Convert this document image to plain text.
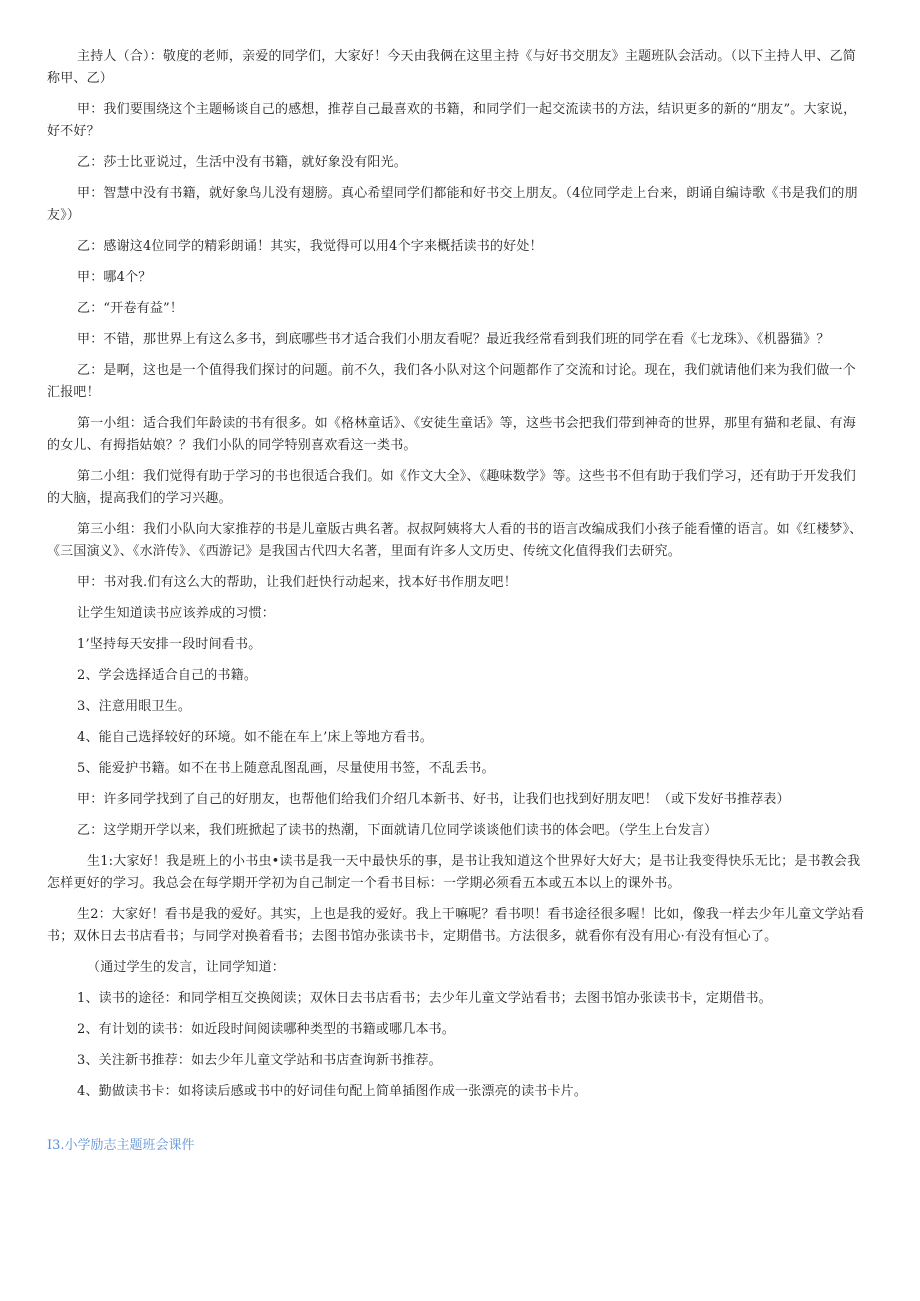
主持人（合）：敬度的老师，亲爱的同学们，大家好！今天由我俩在这里主持《与好书交朋友》主题班队会活动。（以下主持人甲、乙简称甲、乙）

甲：我们要围绕这个主题畅谈自己的感想，推荐自己最喜欢的书籍，和同学们一起交流读书的方法，结识更多的新的“朋友”。大家说，好不好？

乙：莎士比亚说过，生活中没有书籍，就好象没有阳光。

甲：智慧中没有书籍，就好象鸟儿没有翅膀。真心希望同学们都能和好书交上朋友。（4位同学走上台来，朗诵自编诗歌《书是我们的朋友》）

乙：感谢这4位同学的精彩朗诵！其实，我觉得可以用4个字来概括读书的好处！

甲：哪4个？

乙：“开卷有益”！

甲：不错，那世界上有这么多书，到底哪些书才适合我们小朋友看呢？最近我经常看到我们班的同学在看《七龙珠》、《机器猫》？

乙：是啊，这也是一个值得我们探讨的问题。前不久，我们各小队对这个问题都作了交流和讨论。现在，我们就请他们来为我们做一个汇报吧！

第一小组：适合我们年龄读的书有很多。如《格林童话》、《安徒生童话》等，这些书会把我们带到神奇的世界，那里有猫和老鼠、有海的女儿、有拇指姑娘？？我们小队的同学特别喜欢看这一类书。

第二小组：我们觉得有助于学习的书也很适合我们。如《作文大全》、《趣味数学》等。这些书不但有助于我们学习，还有助于开发我们的大脑，提高我们的学习兴趣。

第三小组：我们小队向大家推荐的书是儿童版古典名著。叔叔阿姨将大人看的书的语言改编成我们小孩子能看懂的语言。如《红楼梦》、《三国演义》、《水浒传》、《西游记》是我国古代四大名著，里面有许多人文历史、传统文化值得我们去研究。

甲：书对我.们有这么大的帮助，让我们赶快行动起来，找本好书作朋友吧！

让学生知道读书应该养成的习惯：

1’坚持每天安排一段时间看书。

2、学会选择适合自己的书籍。

3、注意用眼卫生。

4、能自己选择较好的环境。如不能在车上’床上等地方看书。

5、能爱护书籍。如不在书上随意乱图乱画，尽量使用书签，不乱丢书。

甲：许多同学找到了自己的好朋友，也帮他们给我们介绍几本新书、好书，让我们也找到好朋友吧！（或下发好书推荐表）

乙：这学期开学以来，我们班掀起了读书的热潮，下面就请几位同学谈谈他们读书的体会吧。（学生上台发言）

生1:大家好！我是班上的小书虫•读书是我一天中最快乐的事，是书让我知道这个世界好大好大；是书让我变得快乐无比；是书教会我怎样更好的学习。我总会在每学期开学初为自己制定一个看书目标：一学期必须看五本或五本以上的课外书。

生2：大家好！看书是我的爱好。其实，上也是我的爱好。我上干嘛呢？看书呗！看书途径很多喔！比如，像我一样去少年儿童文学站看书；双休日去书店看书；与同学对换着看书；去图书馆办张读书卡，定期借书。方法很多，就看你有没有用心·有没有恒心了。

（通过学生的发言，让同学知道：

1、读书的途径：和同学相互交换阅读；双休日去书店看书；去少年儿童文学站看书；去图书馆办张读书卡，定期借书。

2、有计划的读书：如近段时间阅读哪种类型的书籍或哪几本书。

3、关注新书推荐：如去少年儿童文学站和书店查询新书推荐。

4、勤做读书卡：如将读后感或书中的好词佳句配上简单插图作成一张漂亮的读书卡片。

I3.小学励志主题班会课件
